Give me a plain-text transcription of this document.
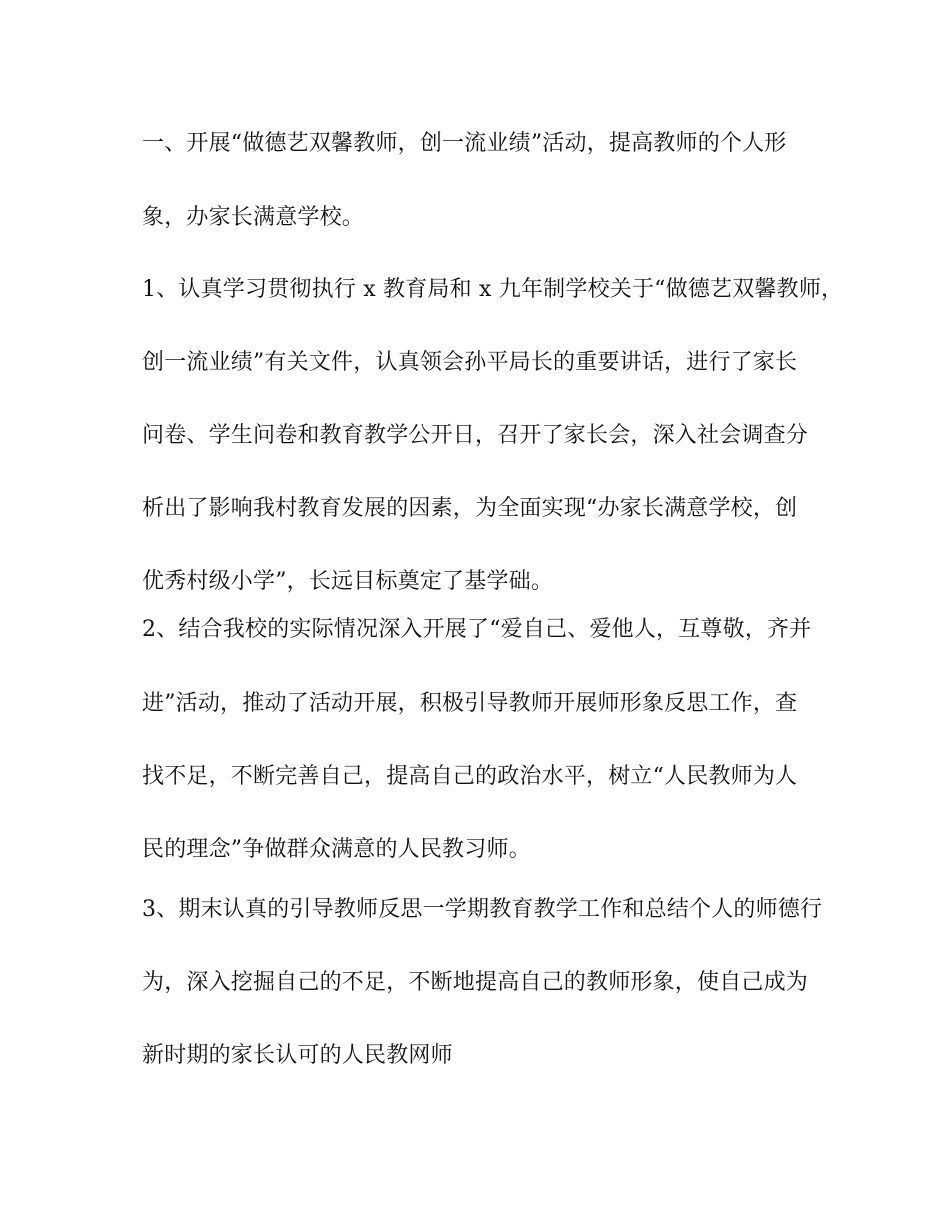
一、开展“做德艺双馨教师，创一流业绩”活动，提高教师的个人形
象，办家长满意学校。
1、认真学习贯彻执行 x 教育局和 x 九年制学校关于“做德艺双馨教师，
创一流业绩”有关文件，认真领会孙平局长的重要讲话，进行了家长
问卷、学生问卷和教育教学公开日，召开了家长会，深入社会调查分
析出了影响我村教育发展的因素，为全面实现“办家长满意学校，创
优秀村级小学”，长远目标奠定了基学础。
2、结合我校的实际情况深入开展了“爱自己、爱他人，互尊敬，齐并
进”活动，推动了活动开展，积极引导教师开展师形象反思工作，查
找不足，不断完善自己，提高自己的政治水平，树立“人民教师为人
民的理念”争做群众满意的人民教习师。
3、期末认真的引导教师反思一学期教育教学工作和总结个人的师德行
为，深入挖掘自己的不足，不断地提高自己的教师形象，使自己成为
新时期的家长认可的人民教网师
